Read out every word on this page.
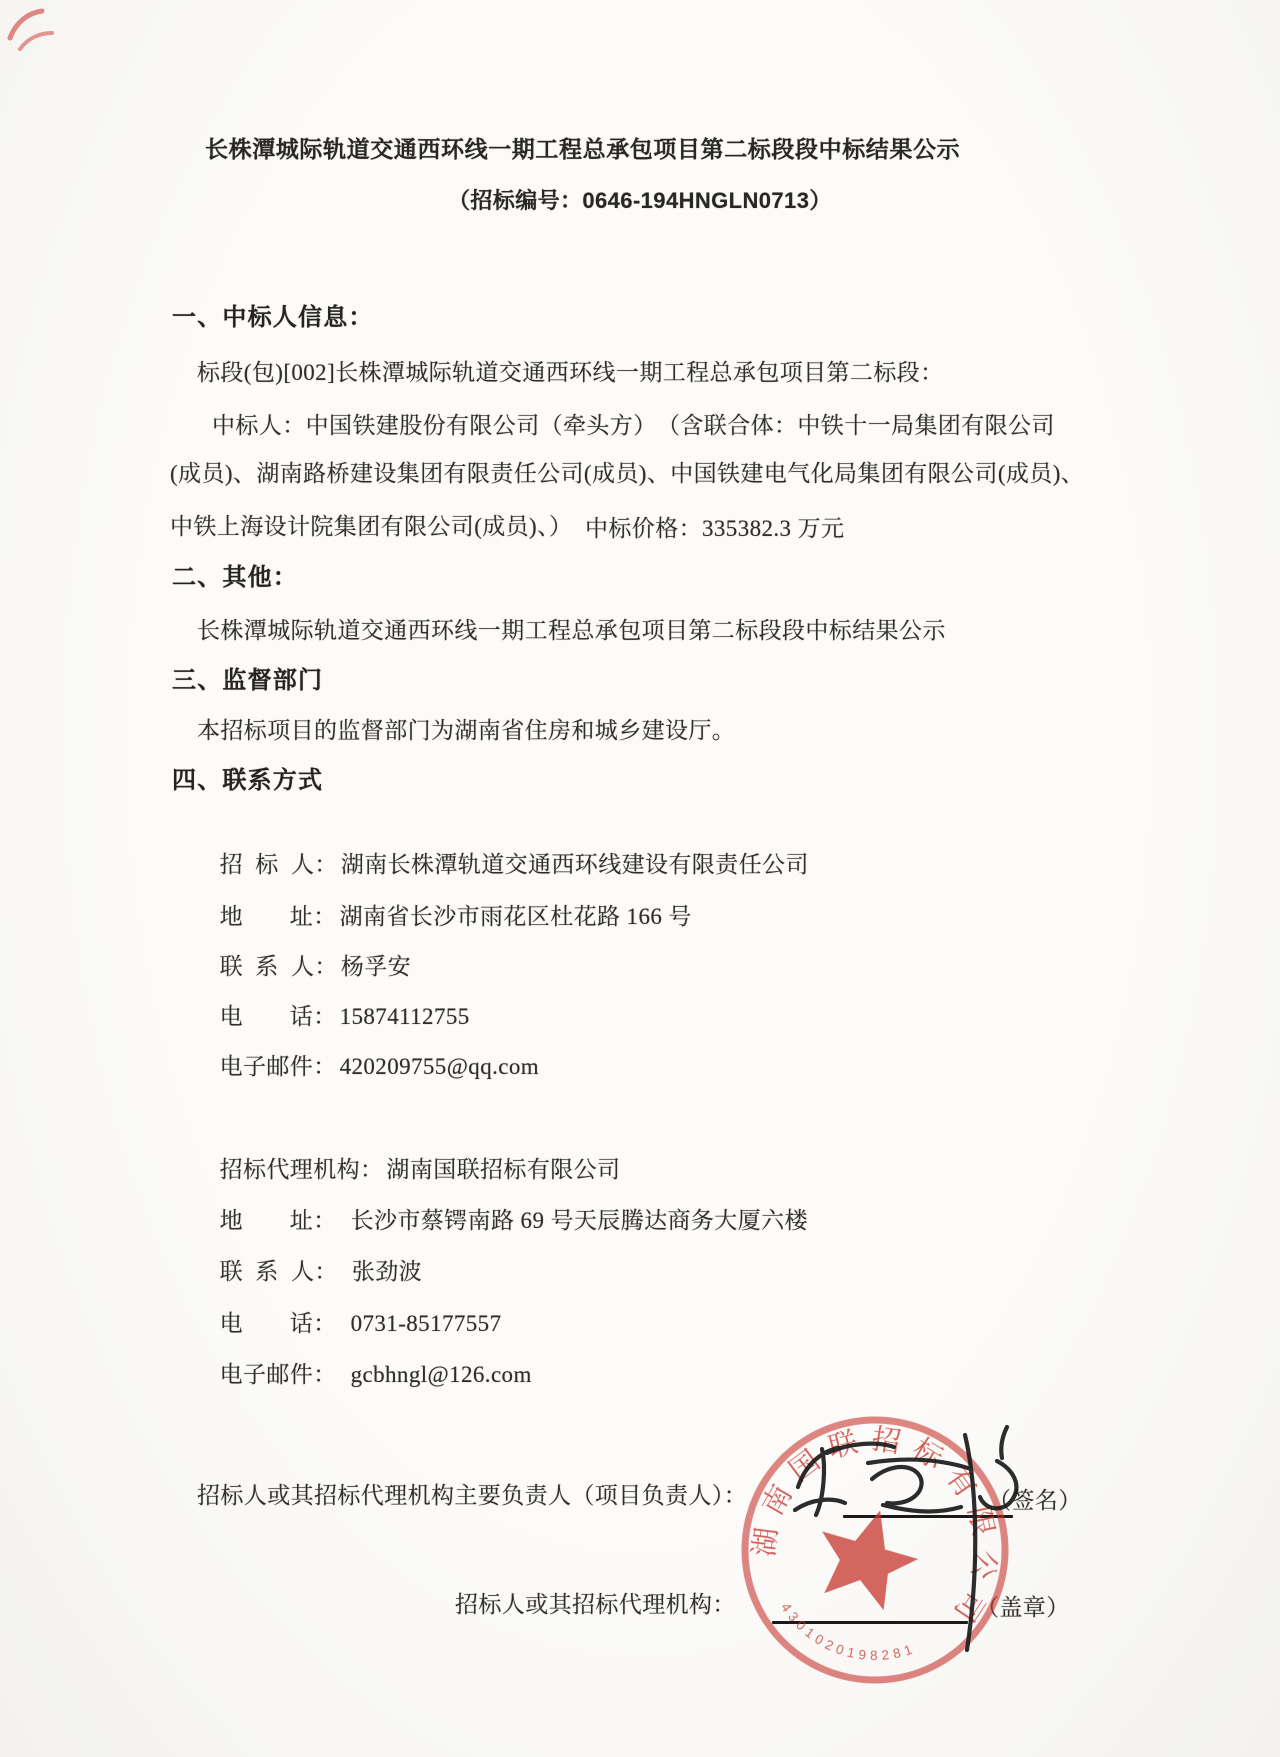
长株潭城际轨道交通西环线一期工程总承包项目第二标段段中标结果公示
（招标编号：0646-194HNGLN0713）
一、中标人信息：
标段(包)[002]长株潭城际轨道交通西环线一期工程总承包项目第二标段：
中标人：中国铁建股份有限公司（牵头方）　（含联合体：中铁十一局集团有限公司
(成员)、湖南路桥建设集团有限责任公司(成员)、中国铁建电气化局集团有限公司(成员)、
中铁上海设计院集团有限公司(成员)、） 中标价格：335382.3 万元
二、其他：
长株潭城际轨道交通西环线一期工程总承包项目第二标段段中标结果公示
三、监督部门
本招标项目的监督部门为湖南省住房和城乡建设厅。
四、联系方式

招  标  人： 湖南长株潭轨道交通西环线建设有限责任公司

地　　址： 湖南省长沙市雨花区杜花路 166 号

联  系  人： 杨孚安

电　　话： 15874112755

电子邮件： 420209755@qq.com

招标代理机构： 湖南国联招标有限公司

地　　址： 长沙市蔡锷南路 69 号天辰腾达商务大厦六楼

联  系  人： 张劲波

电　　话： 0731-85177557

电子邮件： gcbhngl@126.com

招标人或其招标代理机构主要负责人（项目负责人）：	（签名）
招标人或其招标代理机构：	（盖章）
湖南国联招标有限公司
4301020198281
